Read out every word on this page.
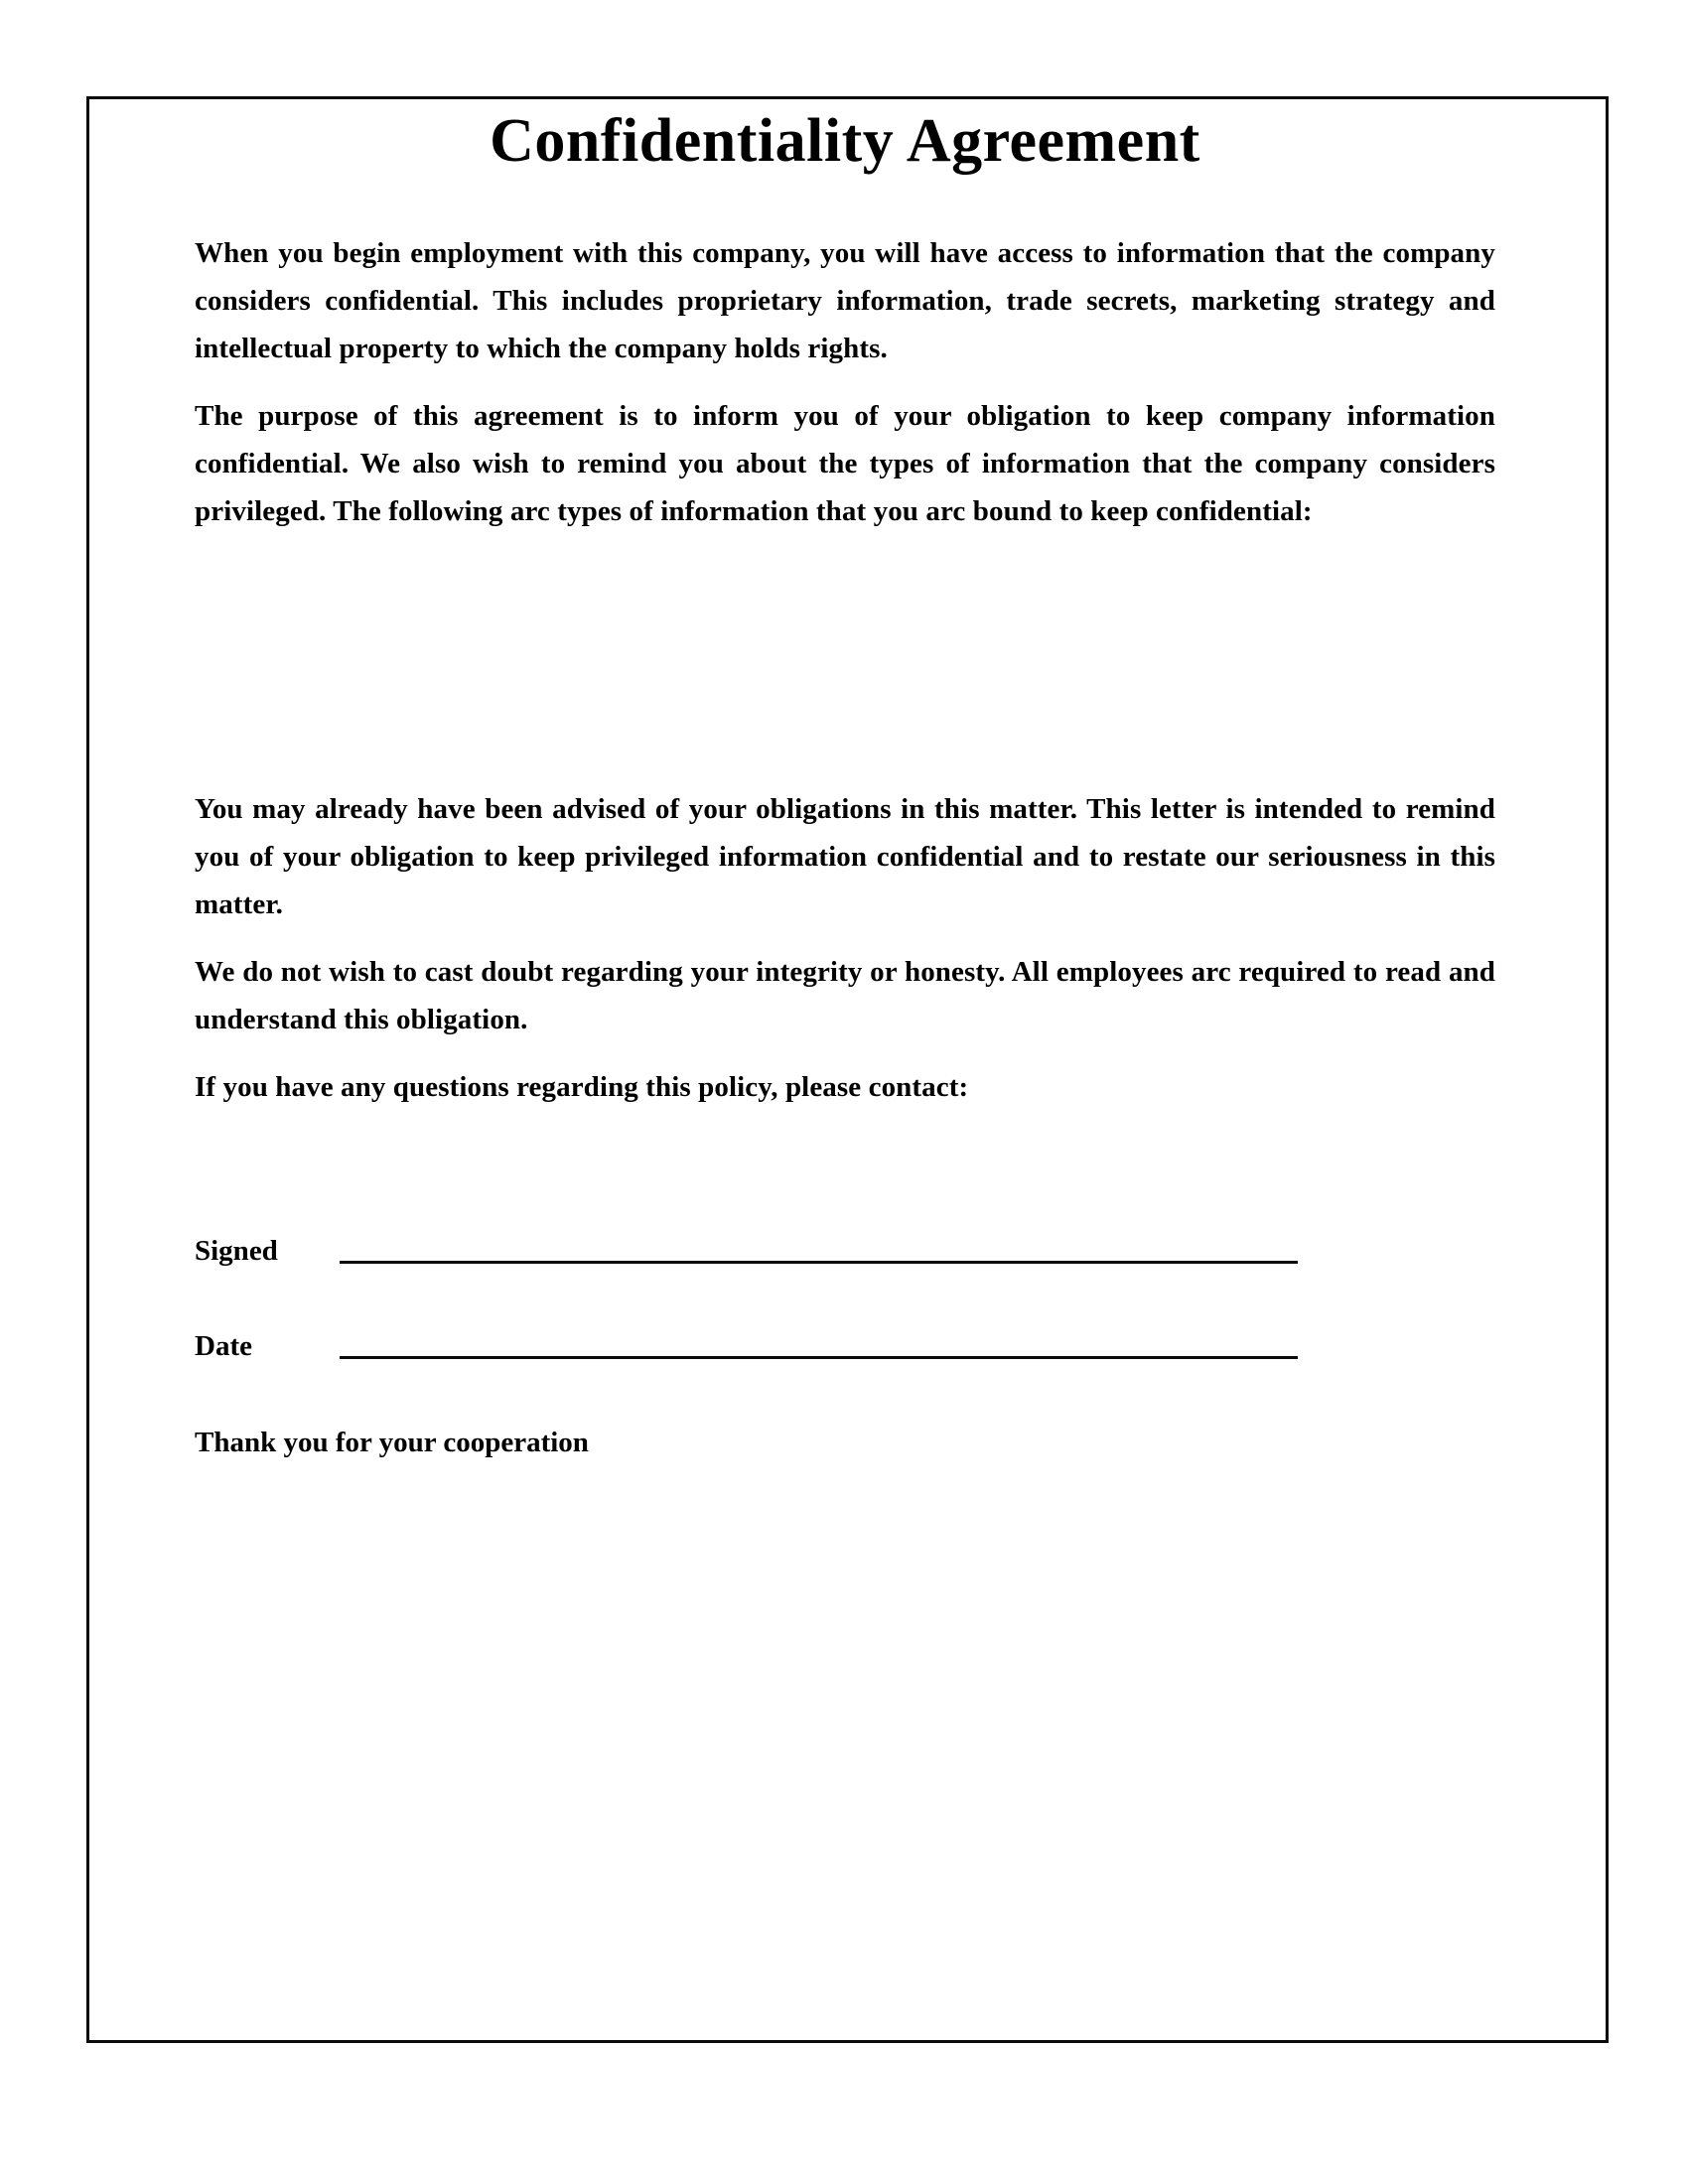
Confidentiality Agreement

When you begin employment with this company, you will have access to information that the company considers confidential. This includes proprietary information, trade secrets, marketing strategy and intellectual property to which the company holds rights.

The purpose of this agreement is to inform you of your obligation to keep company information confidential. We also wish to remind you about the types of information that the company considers privileged. The following arc types of information that you arc bound to keep confidential:

You may already have been advised of your obligations in this matter. This letter is intended to remind you of your obligation to keep privileged information confidential and to restate our seriousness in this matter.

We do not wish to cast doubt regarding your integrity or honesty. All employees arc required to read and understand this obligation.

If you have any questions regarding this policy, please contact:

Signed
Date
Thank you for your cooperation
